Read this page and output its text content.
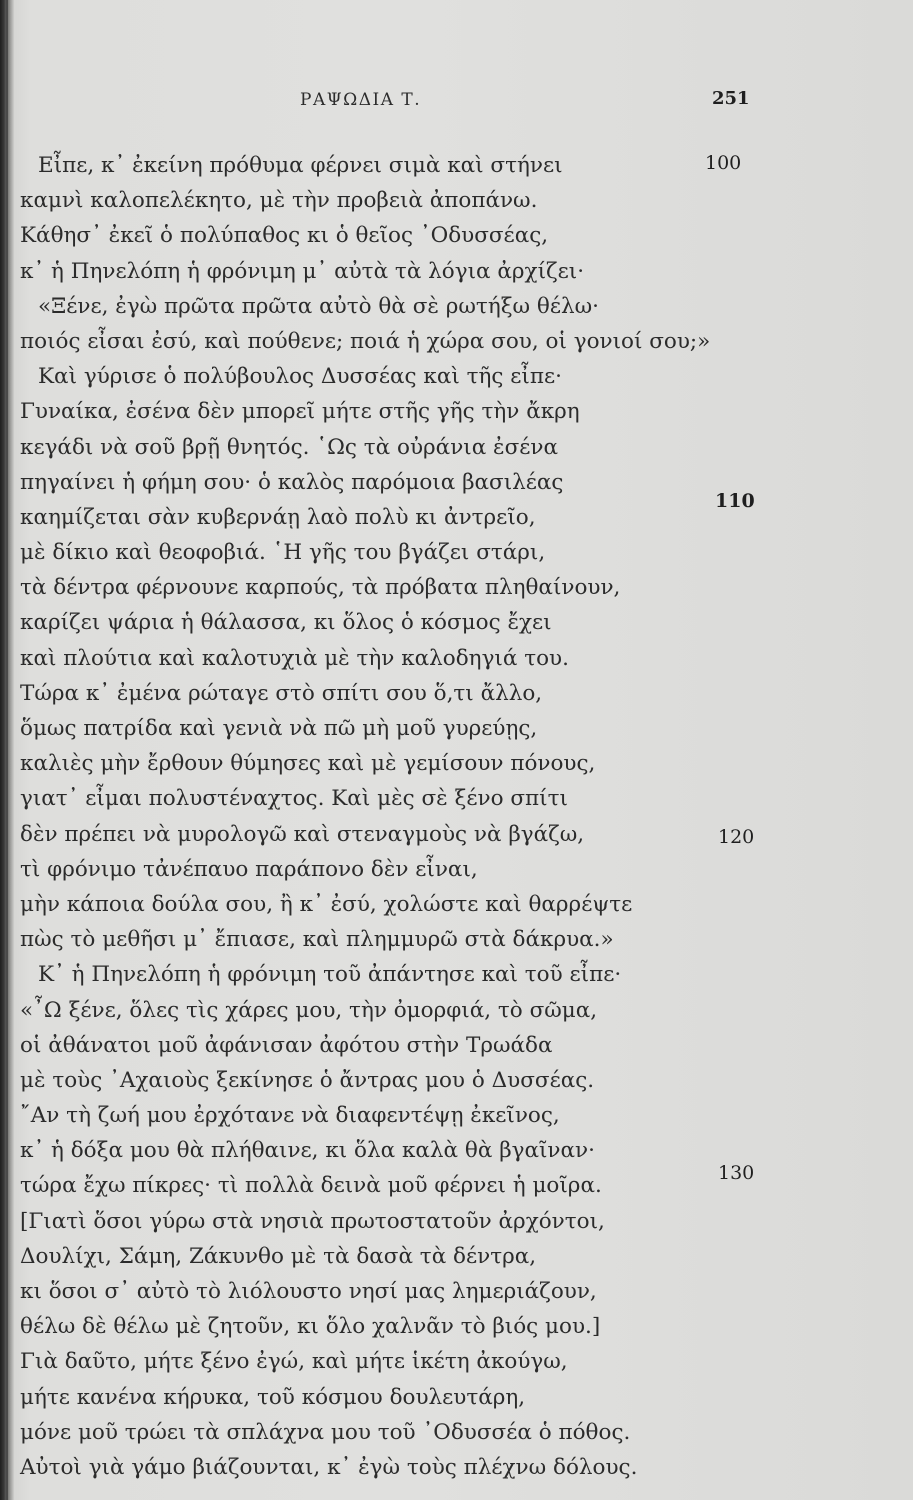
ΡΑΨΩΔΙΑ Τ.	251
Εἶπε, κ᾽ ἐκείνη πρόθυμα φέρνει σιμὰ καὶ στήνει
καμνὶ καλοπελέκητο, μὲ τὴν προβειὰ ἀποπάνω.
Κάθησ᾽ ἐκεῖ ὁ πολύπαθος κι ὁ θεῖος ᾽Οδυσσέας,
κ᾽ ἡ Πηνελόπη ἡ φρόνιμη μ᾽ αὐτὰ τὰ λόγια ἀρχίζει·
«Ξένε, ἐγὼ πρῶτα πρῶτα αὐτὸ θὰ σὲ ρωτήξω θέλω·
ποιός εἶσαι ἐσύ, καὶ πούθενε; ποιά ἡ χώρα σου, οἱ γονιοί σου;»
Καὶ γύρισε ὁ πολύβουλος Δυσσέας καὶ τῆς εἶπε·
Γυναίκα, ἐσένα δὲν μπορεῖ μήτε στῆς γῆς τὴν ἄκρη
κεγάδι νὰ σοῦ βρῇ θνητός. ῾Ως τὰ οὐράνια ἐσένα
πηγαίνει ἡ φήμη σου· ὁ καλὸς παρόμοια βασιλέας
καημίζεται σὰν κυβερνάῃ λαὸ πολὺ κι ἀντρεῖο,
μὲ δίκιο καὶ θεοφοβιά. ῾Η γῆς του βγάζει στάρι,
τὰ δέντρα φέρνουνε καρπούς, τὰ πρόβατα πληθαίνουν,
καρίζει ψάρια ἡ θάλασσα, κι ὅλος ὁ κόσμος ἔχει
καὶ πλούτια καὶ καλοτυχιὰ μὲ τὴν καλοδηγιά του.
Τώρα κ᾽ ἐμένα ρώταγε στὸ σπίτι σου ὅ,τι ἄλλο,
ὅμως πατρίδα καὶ γενιὰ νὰ πῶ μὴ μοῦ γυρεύῃς,
καλιὲς μὴν ἔρθουν θύμησες καὶ μὲ γεμίσουν πόνους,
γιατ᾽ εἶμαι πολυστέναχτος. Καὶ μὲς σὲ ξένο σπίτι
δὲν πρέπει νὰ μυρολογῶ καὶ στεναγμοὺς νὰ βγάζω,
τὶ φρόνιμο τἀνέπαυο παράπονο δὲν εἶναι,
μὴν κάποια δούλα σου, ἢ κ᾽ ἐσύ, χολώστε καὶ θαρρέψτε
πὼς τὸ μεθῆσι μ᾽ ἔπιασε, καὶ πλημμυρῶ στὰ δάκρυα.»
Κ᾽ ἡ Πηνελόπη ἡ φρόνιμη τοῦ ἀπάντησε καὶ τοῦ εἶπε·
«῏Ω ξένε, ὅλες τὶς χάρες μου, τὴν ὀμορφιά, τὸ σῶμα,
οἱ ἀθάνατοι μοῦ ἀφάνισαν ἀφότου στὴν Τρωάδα
μὲ τοὺς ᾽Αχαιοὺς ξεκίνησε ὁ ἄντρας μου ὁ Δυσσέας.
῎Αν τὴ ζωή μου ἐρχότανε νὰ διαφεντέψῃ ἐκεῖνος,
κ᾽ ἡ δόξα μου θὰ πλήθαινε, κι ὅλα καλὰ θὰ βγαῖναν·
τώρα ἔχω πίκρες· τὶ πολλὰ δεινὰ μοῦ φέρνει ἡ μοῖρα.
[Γιατὶ ὅσοι γύρω στὰ νησιὰ πρωτοστατοῦν ἀρχόντοι,
Δουλίχι, Σάμη, Ζάκυνθο μὲ τὰ δασὰ τὰ δέντρα,
κι ὅσοι σ᾽ αὐτὸ τὸ λιόλουστο νησί μας λημεριάζουν,
θέλω δὲ θέλω μὲ ζητοῦν, κι ὅλο χαλνᾶν τὸ βιός μου.]
Γιὰ δαῦτο, μήτε ξένο ἐγώ, καὶ μήτε ἱκέτη ἀκούγω,
μήτε κανένα κήρυκα, τοῦ κόσμου δουλευτάρη,
μόνε μοῦ τρώει τὰ σπλάχνα μου τοῦ ᾽Οδυσσέα ὁ πόθος.
Αὐτοὶ γιὰ γάμο βιάζουνται, κ᾽ ἐγὼ τοὺς πλέχνω δόλους.
100
110
120
130
